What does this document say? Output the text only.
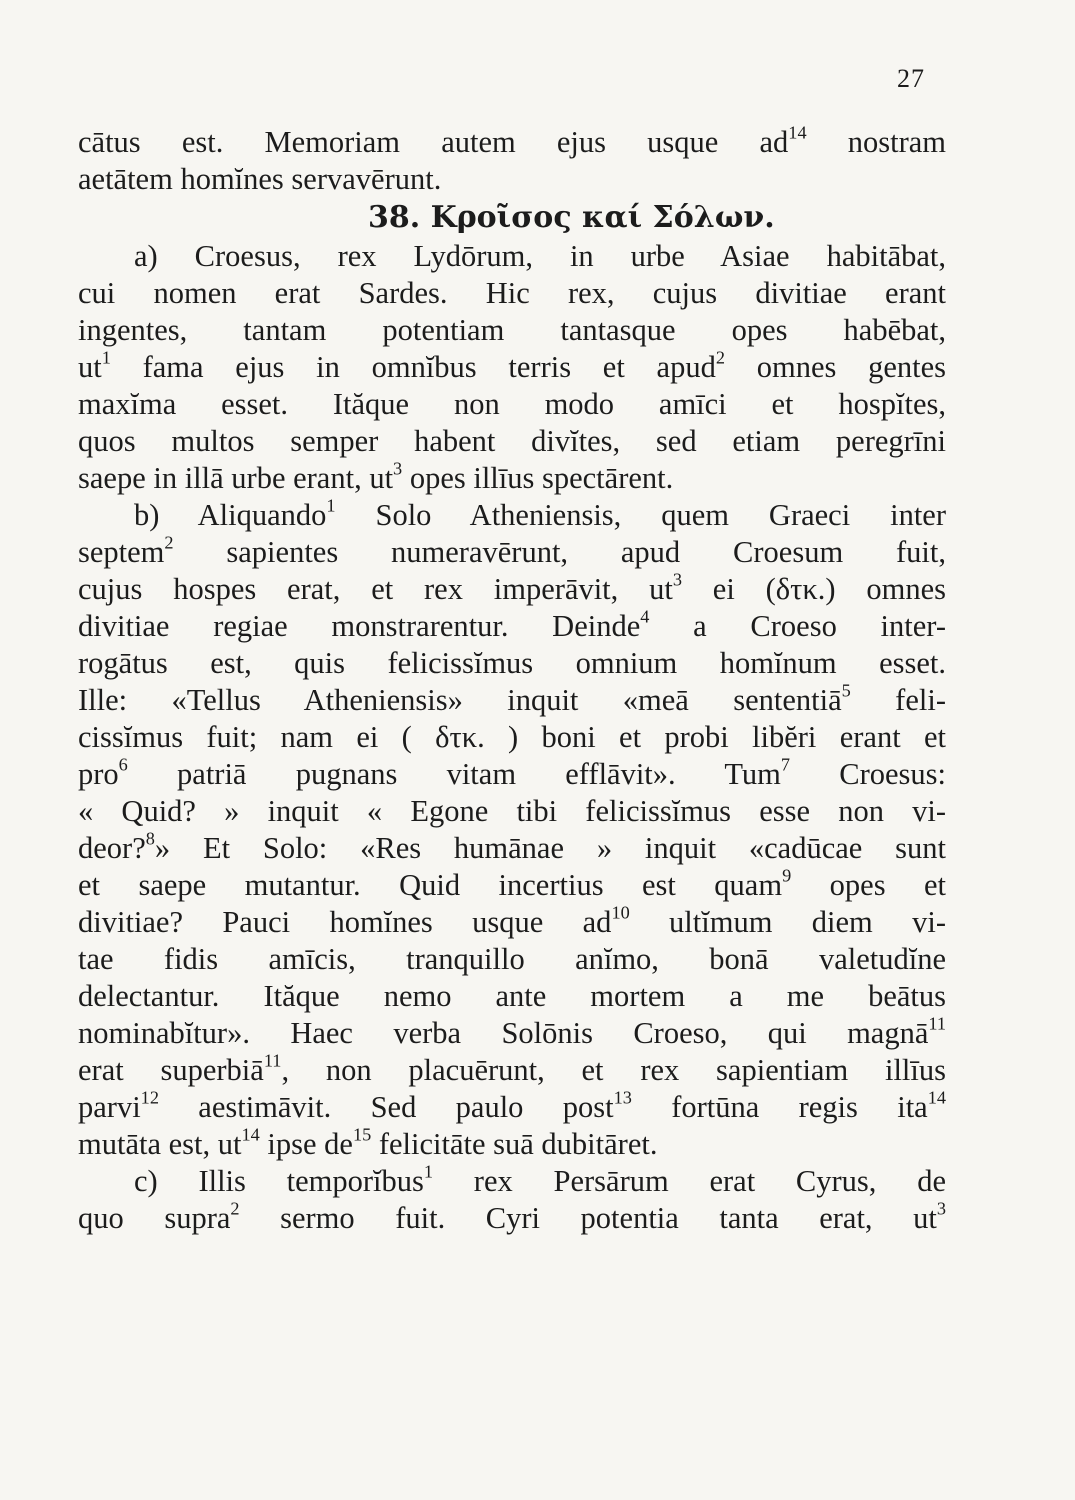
27
cātus est. Memoriam autem ejus usque $ad^{14}$ nostram
aetātem homĭnes servavērunt.
38. Κροῖσος καί Σόλων.
a) Croesus, rex Lydōrum, in urbe Asiae habitābat,
cui nomen erat Sardes. Hic rex, cujus divitiae erant
ingentes, tantam potentiam tantasque opes habēbat,
$ut^1$ fama ejus in omnĭbus terris et apud$^2$ omnes gentes
maxĭma esset. Ităque non modo amīci et hospĭtes,
quos multos semper habent divĭtes, sed etiam peregrīni
saepe in illā urbe erant, $ut^3$ opes illīus spectārent.
b) Aliquando$^1$ Solo Atheniensis, quem Graeci inter
septem$^2$ sapientes numeravērunt, apud Croesum fuit,
cujus hospes erat, et rex imperāvit, $ut^3$ ei (δτκ.) omnes
divitiae regiae monstrarentur. Deinde$^4$ a Croeso inter-
rogātus est, quis felicissĭmus omnium homĭnum esset.
Ille: «Tellus Atheniensis» inquit «meā sententiā$^5$ feli-
cissĭmus fuit; nam ei ( δτκ. ) boni et probi libĕri erant et
pro$^6$ patriā pugnans vitam efflāvit». Tum$^7$ Croesus:
« Quid? » inquit « Egone tibi felicissĭmus esse non vi-
deor?$^8$» Et Solo: «Res humānae » inquit «cadūcae sunt
et saepe mutantur. Quid incertius est quam$^9$ opes et
divitiae? Pauci homĭnes usque $ad^{10}$ ultĭmum diem vi-
tae fidis amīcis, tranquillo anĭmo, bonā valetudĭne
delectantur. Ităque nemo ante mortem a me beātus
nominabĭtur». Haec verba Solōnis Croeso, qui magnā$^{11}$
erat superbiā$^{11}$, non placuērunt, et rex sapientiam illīus
parvi$^{12}$ aestimāvit. Sed paulo post$^{13}$ fortūna regis ita$^{14}$
mutāta est, $ut^{14}$ ipse $de^{15}$ felicitāte suā dubitāret.
c) Illis temporĭbus$^1$ rex Persārum erat Cyrus, de
quo supra$^2$ sermo fuit. Cyri potentia tanta erat, $ut^3$
